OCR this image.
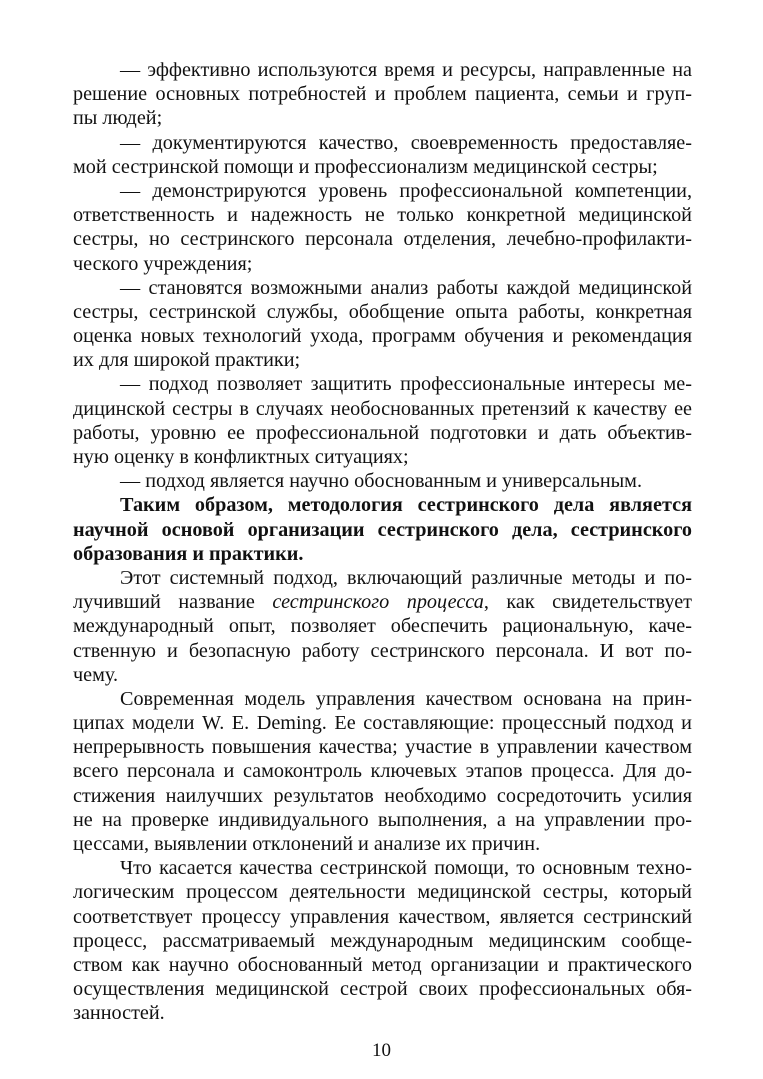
— эффективно используются время и ресурсы, направленные на
решение основных потребностей и проблем пациента, семьи и груп-
пы людей;
— документируются качество, своевременность предоставляе-
мой сестринской помощи и профессионализм медицинской сестры;
— демонстрируются уровень профессиональной компетенции,
ответственность и надежность не только конкретной медицинской
сестры, но сестринского персонала отделения, лечебно-профилакти-
ческого учреждения;
— становятся возможными анализ работы каждой медицинской
сестры, сестринской службы, обобщение опыта работы, конкретная
оценка новых технологий ухода, программ обучения и рекомендация
их для широкой практики;
— подход позволяет защитить профессиональные интересы ме-
дицинской сестры в случаях необоснованных претензий к качеству ее
работы, уровню ее профессиональной подготовки и дать объектив-
ную оценку в конфликтных ситуациях;
— подход является научно обоснованным и универсальным.
Таким образом, методология сестринского дела является
научной основой организации сестринского дела, сестринского
образования и практики.
Этот системный подход, включающий различные методы и по-
лучивший название сестринского процесса, как свидетельствует
международный опыт, позволяет обеспечить рациональную, каче-
ственную и безопасную работу сестринского персонала. И вот по-
чему.
Современная модель управления качеством основана на прин-
ципах модели W. E. Deming. Ее составляющие: процессный подход и
непрерывность повышения качества; участие в управлении качеством
всего персонала и самоконтроль ключевых этапов процесса. Для до-
стижения наилучших результатов необходимо сосредоточить усилия
не на проверке индивидуального выполнения, а на управлении про-
цессами, выявлении отклонений и анализе их причин.
Что касается качества сестринской помощи, то основным техно-
логическим процессом деятельности медицинской сестры, который
соответствует процессу управления качеством, является сестринский
процесс, рассматриваемый международным медицинским сообще-
ством как научно обоснованный метод организации и практического
осуществления медицинской сестрой своих профессиональных обя-
занностей.
10
